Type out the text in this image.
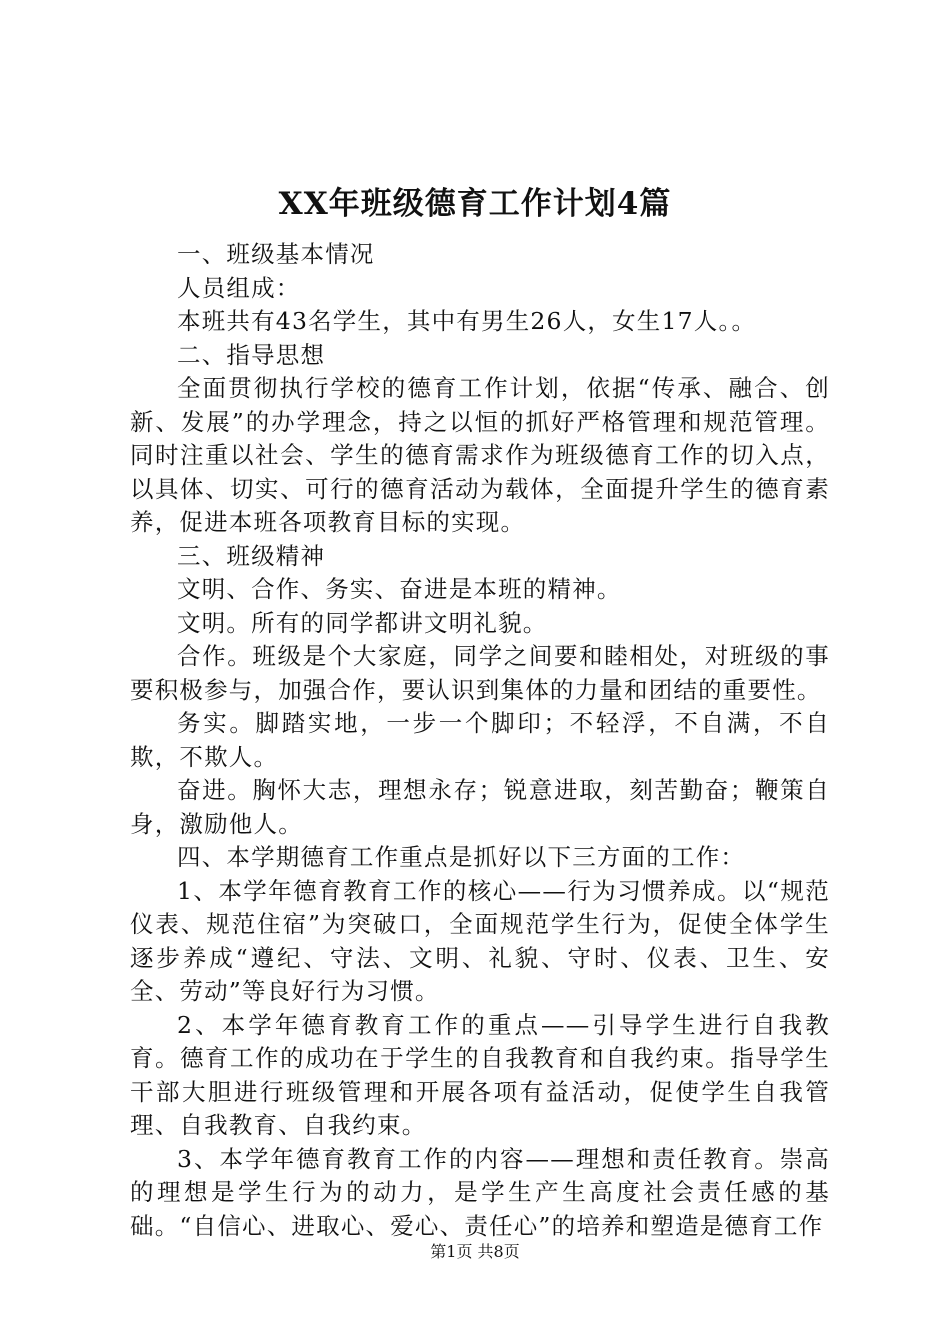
XX年班级德育工作计划4篇

一、班级基本情况

人员组成：

本班共有43名学生，其中有男生26人，女生17人。。

二、指导思想

全面贯彻执行学校的德育工作计划，依据“传承、融合、创新、发展”的办学理念，持之以恒的抓好严格管理和规范管理。同时注重以社会、学生的德育需求作为班级德育工作的切入点，以具体、切实、可行的德育活动为载体，全面提升学生的德育素养，促进本班各项教育目标的实现。

三、班级精神

文明、合作、务实、奋进是本班的精神。

文明。所有的同学都讲文明礼貌。

合作。班级是个大家庭，同学之间要和睦相处，对班级的事要积极参与，加强合作，要认识到集体的力量和团结的重要性。

务实。脚踏实地，一步一个脚印；不轻浮，不自满，不自欺，不欺人。

奋进。胸怀大志，理想永存；锐意进取，刻苦勤奋；鞭策自身，激励他人。

四、本学期德育工作重点是抓好以下三方面的工作：

1、本学年德育教育工作的核心——行为习惯养成。以“规范仪表、规范住宿”为突破口，全面规范学生行为，促使全体学生逐步养成“遵纪、守法、文明、礼貌、守时、仪表、卫生、安全、劳动”等良好行为习惯。

2、本学年德育教育工作的重点——引导学生进行自我教育。德育工作的成功在于学生的自我教育和自我约束。指导学生干部大胆进行班级管理和开展各项有益活动，促使学生自我管理、自我教育、自我约束。

3、本学年德育教育工作的内容——理想和责任教育。崇高的理想是学生行为的动力，是学生产生高度社会责任感的基础。“自信心、进取心、爱心、责任心”的培养和塑造是德育工作

第1页 共8页
